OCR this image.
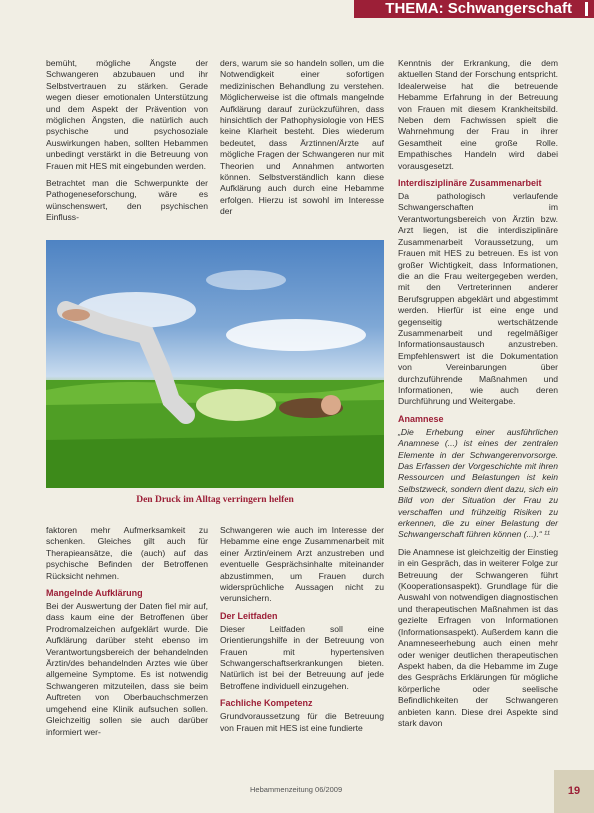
THEMA: Schwangerschaft

bemüht, mögliche Ängste der Schwangeren abzubauen und ihr Selbstvertrauen zu stärken. Gerade wegen dieser emotionalen Unterstützung und dem Aspekt der Prävention von möglichen Ängsten, die natürlich auch psychische und psychosoziale Auswirkungen haben, sollten Hebammen unbedingt verstärkt in die Betreuung von Frauen mit HES mit eingebunden werden.

Betrachtet man die Schwerpunkte der Pathogeneseforschung, wäre es wünschenswert, den psychischen Einfluss-

ders, warum sie so handeln sollen, um die Notwendigkeit einer sofortigen medizinischen Behandlung zu verstehen. Möglicherweise ist die oftmals mangelnde Aufklärung darauf zurückzuführen, dass hinsichtlich der Pathophysiologie von HES keine Klarheit besteht. Dies wiederum bedeutet, dass Ärztinnen/Ärzte auf mögliche Fragen der Schwangeren nur mit Theorien und Annahmen antworten können. Selbstverständlich kann diese Aufklärung auch durch eine Hebamme erfolgen. Hierzu ist sowohl im Interesse der

Kenntnis der Erkrankung, die dem aktuellen Stand der Forschung entspricht. Idealerweise hat die betreuende Hebamme Erfahrung in der Betreuung von Frauen mit diesem Krankheitsbild. Neben dem Fachwissen spielt die Wahrnehmung der Frau in ihrer Gesamtheit eine große Rolle. Empathisches Handeln wird dabei vorausgesetzt.

Interdisziplinäre Zusammenarbeit

Da pathologisch verlaufende Schwangerschaften im Verantwortungsbereich von Ärztin bzw. Arzt liegen, ist die interdisziplinäre Zusammenarbeit Voraussetzung, um Frauen mit HES zu betreuen. Es ist von großer Wichtigkeit, dass Informationen, die an die Frau weitergegeben werden, mit den Vertreterinnen anderer Berufsgruppen abgeklärt und abgestimmt werden. Hierfür ist eine enge und gegenseitig wertschätzende Zusammenarbeit und regelmäßiger Informationsaustausch anzustreben. Empfehlenswert ist die Dokumentation von Vereinbarungen über durchzuführende Maßnahmen und Informationen, wie auch deren Durchführung und Weitergabe.

Anamnese

„Die Erhebung einer ausführlichen Anamnese (...) ist eines der zentralen Elemente in der Schwangerenvorsorge. Das Erfassen der Vorgeschichte mit ihren Ressourcen und Belastungen ist kein Selbstzweck, sondern dient dazu, sich ein Bild von der Situation der Frau zu verschaffen und frühzeitig Risiken zu erkennen, die zu einer Belastung der Schwangerschaft führen können (...).“ ¹¹

Die Anamnese ist gleichzeitig der Einstieg in ein Gespräch, das in weiterer Folge zur Betreuung der Schwangeren führt (Kooperationsaspekt). Grundlage für die Auswahl von notwendigen diagnostischen und therapeutischen Maßnahmen ist das gezielte Erfragen von Informationen (Informationsaspekt). Außerdem kann die Anamneseerhebung auch einen mehr oder weniger deutlichen therapeutischen Aspekt haben, da die Hebamme im Zuge des Gesprächs Erklärungen für mögliche körperliche oder seelische Befindlichkeiten der Schwangeren anbieten kann. Diese drei Aspekte sind stark davon

Den Druck im Alltag verringern helfen

faktoren mehr Aufmerksamkeit zu schenken. Gleiches gilt auch für Therapieansätze, die (auch) auf das psychische Befinden der Betroffenen Rücksicht nehmen.

Mangelnde Aufklärung

Bei der Auswertung der Daten fiel mir auf, dass kaum eine der Betroffenen über Prodromalzeichen aufgeklärt wurde. Die Aufklärung darüber steht ebenso im Verantwortungsbereich der behandelnden Ärztin/des behandelnden Arztes wie über allgemeine Symptome. Es ist notwendig Schwangeren mitzuteilen, dass sie beim Auftreten von Oberbauchschmerzen umgehend eine Klinik aufsuchen sollen. Gleichzeitig sollen sie auch darüber informiert wer-

Schwangeren wie auch im Interesse der Hebamme eine enge Zusammenarbeit mit einer Ärztin/einem Arzt anzustreben und eventuelle Gesprächsinhalte miteinander abzustimmen, um Frauen durch widersprüchliche Aussagen nicht zu verunsichern.

Der Leitfaden

Dieser Leitfaden soll eine Orientierungshilfe in der Betreuung von Frauen mit hypertensiven Schwangerschaftserkrankungen bieten. Natürlich ist bei der Betreuung auf jede Betroffene individuell einzugehen.

Fachliche Kompetenz

Grundvoraussetzung für die Betreuung von Frauen mit HES ist eine fundierte

Hebammenzeitung 06/2009	19
